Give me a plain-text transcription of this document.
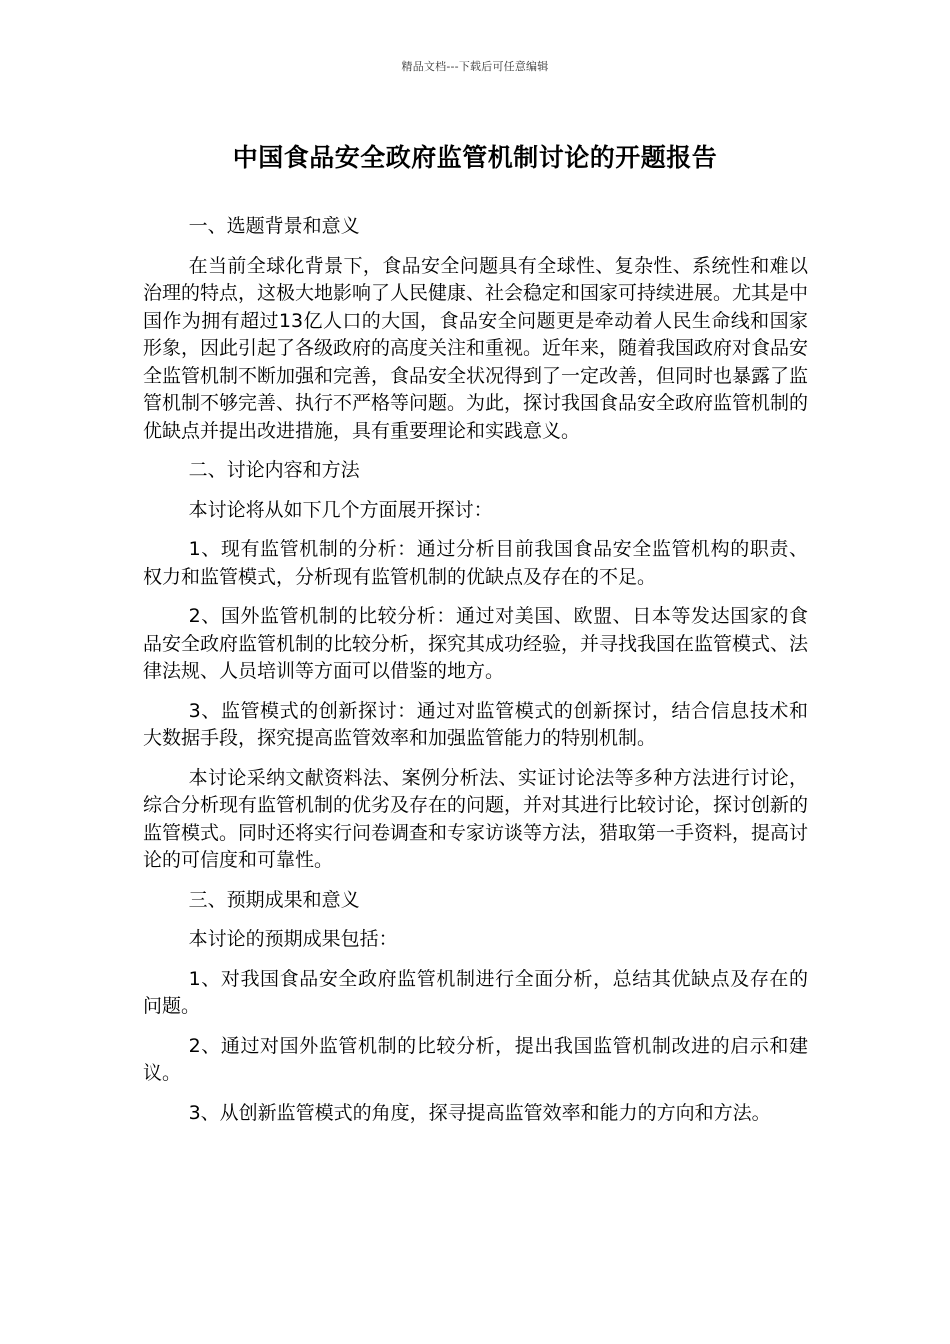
精品文档---下载后可任意编辑
中国食品安全政府监管机制讨论的开题报告

一、选题背景和意义

在当前全球化背景下，食品安全问题具有全球性、复杂性、系统性和难以治理的特点，这极大地影响了人民健康、社会稳定和国家可持续进展。尤其是中国作为拥有超过13亿人口的大国，食品安全问题更是牵动着人民生命线和国家形象，因此引起了各级政府的高度关注和重视。近年来，随着我国政府对食品安全监管机制不断加强和完善，食品安全状况得到了一定改善，但同时也暴露了监管机制不够完善、执行不严格等问题。为此，探讨我国食品安全政府监管机制的优缺点并提出改进措施，具有重要理论和实践意义。

二、讨论内容和方法

本讨论将从如下几个方面展开探讨：

1、现有监管机制的分析：通过分析目前我国食品安全监管机构的职责、权力和监管模式，分析现有监管机制的优缺点及存在的不足。

2、国外监管机制的比较分析：通过对美国、欧盟、日本等发达国家的食品安全政府监管机制的比较分析，探究其成功经验，并寻找我国在监管模式、法律法规、人员培训等方面可以借鉴的地方。

3、监管模式的创新探讨：通过对监管模式的创新探讨，结合信息技术和大数据手段，探究提高监管效率和加强监管能力的特别机制。

本讨论采纳文献资料法、案例分析法、实证讨论法等多种方法进行讨论，综合分析现有监管机制的优劣及存在的问题，并对其进行比较讨论，探讨创新的监管模式。同时还将实行问卷调查和专家访谈等方法，猎取第一手资料，提高讨论的可信度和可靠性。

三、预期成果和意义

本讨论的预期成果包括：

1、对我国食品安全政府监管机制进行全面分析，总结其优缺点及存在的问题。

2、通过对国外监管机制的比较分析，提出我国监管机制改进的启示和建议。

3、从创新监管模式的角度，探寻提高监管效率和能力的方向和方法。
